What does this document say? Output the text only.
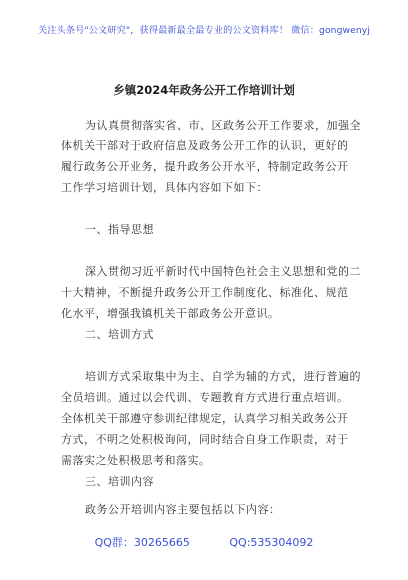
关注头条号"公文研究"，获得最新最全最专业的公文资料库！ 微信：gongwenyj
乡镇2024年政务公开工作培训计划
为认真贯彻落实省、市、区政务公开工作要求，加强全
体机关干部对于政府信息及政务公开工作的认识，更好的
履行政务公开业务，提升政务公开水平，特制定政务公开
工作学习培训计划，具体内容如下如下：
一、指导思想
深入贯彻习近平新时代中国特色社会主义思想和党的二
十大精神，不断提升政务公开工作制度化、标准化、规范
化水平，增强我镇机关干部政务公开意识。
二、培训方式
培训方式采取集中为主、自学为辅的方式，进行普遍的
全员培训。通过以会代训、专题教育方式进行重点培训。
全体机关干部遵守参训纪律规定，认真学习相关政务公开
方式，不明之处积极询问，同时结合自身工作职责，对于
需落实之处积极思考和落实。
三、培训内容
政务公开培训内容主要包括以下内容：
QQ群：30265665	QQ:535304092
